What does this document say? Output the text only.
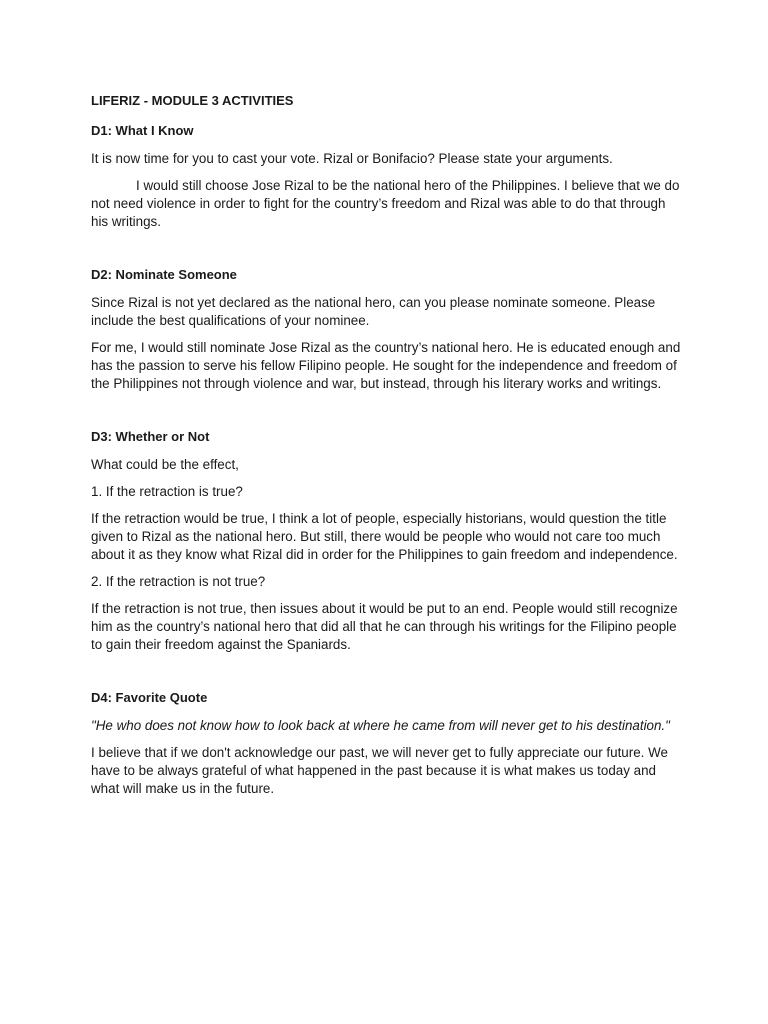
LIFERIZ - MODULE 3 ACTIVITIES

D1: What I Know

It is now time for you to cast your vote. Rizal or Bonifacio? Please state your arguments.

I would still choose Jose Rizal to be the national hero of the Philippines. I believe that we do not need violence in order to fight for the country’s freedom and Rizal was able to do that through his writings.

D2: Nominate Someone

Since Rizal is not yet declared as the national hero, can you please nominate someone. Please include the best qualifications of your nominee.

For me, I would still nominate Jose Rizal as the country’s national hero. He is educated enough and has the passion to serve his fellow Filipino people. He sought for the independence and freedom of the Philippines not through violence and war, but instead, through his literary works and writings.

D3: Whether or Not

What could be the effect,

1. If the retraction is true?

If the retraction would be true, I think a lot of people, especially historians, would question the title given to Rizal as the national hero. But still, there would be people who would not care too much about it as they know what Rizal did in order for the Philippines to gain freedom and independence.

2. If the retraction is not true?

If the retraction is not true, then issues about it would be put to an end. People would still recognize him as the country’s national hero that did all that he can through his writings for the Filipino people to gain their freedom against the Spaniards.

D4: Favorite Quote

"He who does not know how to look back at where he came from will never get to his destination."

I believe that if we don't acknowledge our past, we will never get to fully appreciate our future. We have to be always grateful of what happened in the past because it is what makes us today and what will make us in the future.
